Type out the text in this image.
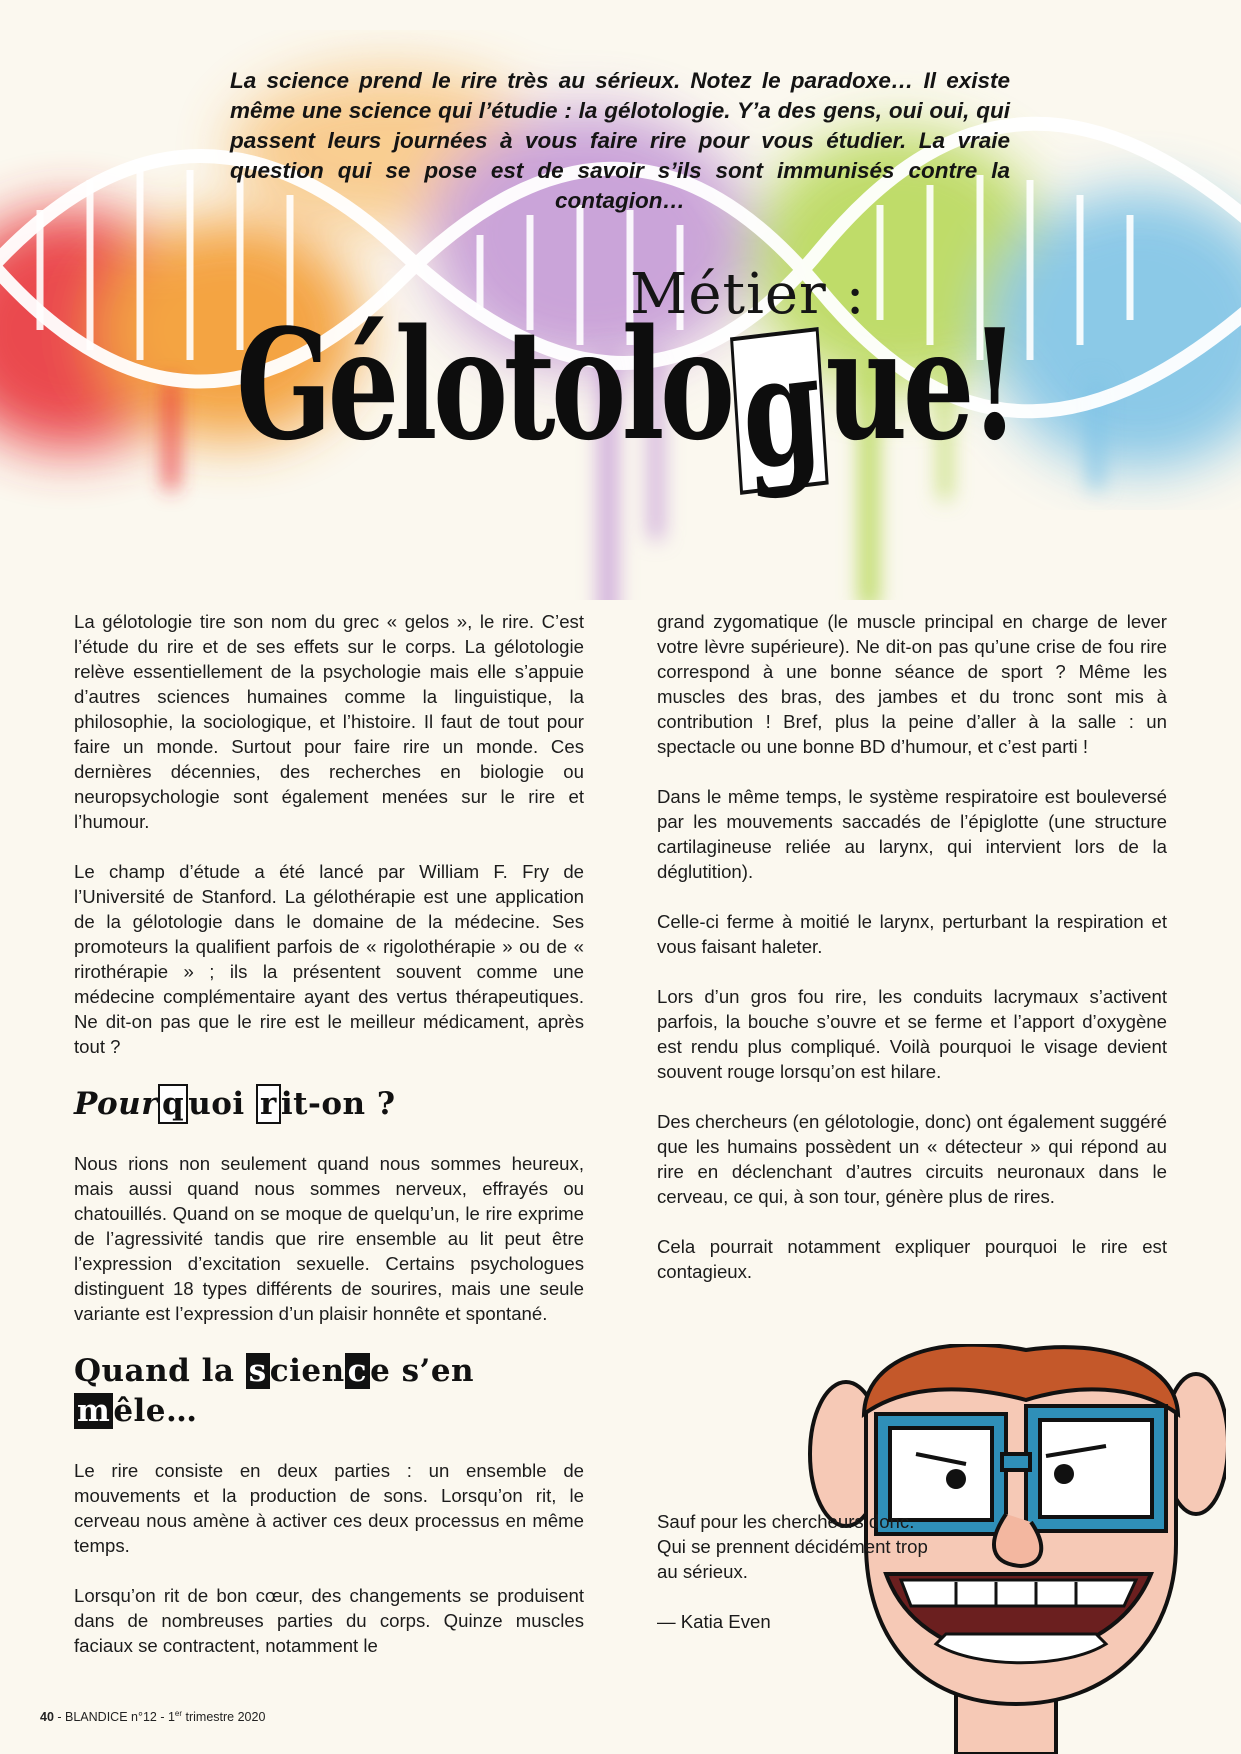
La science prend le rire très au sérieux. Notez le paradoxe… Il existe même une science qui l’étudie : la gélotologie. Y’a des gens, oui oui, qui passent leurs journées à vous faire rire pour vous étudier. La vraie question qui se pose est de savoir s’ils sont immunisés contre la contagion…

Métier :

Gélotologue!

La gélotologie tire son nom du grec « gelos », le rire. C’est l’étude du rire et de ses effets sur le corps. La gélotologie relève essentiellement de la psychologie mais elle s’appuie d’autres sciences humaines comme la linguistique, la philosophie, la sociologique, et l’histoire. Il faut de tout pour faire un monde. Surtout pour faire rire un monde. Ces dernières décennies, des recherches en biologie ou neuropsychologie sont également menées sur le rire et l’humour.

Le champ d’étude a été lancé par William F. Fry de l’Université de Stanford. La gélothérapie est une application de la gélotologie dans le domaine de la médecine. Ses promoteurs la qualifient parfois de « rigolothérapie » ou de « rirothérapie » ; ils la présentent souvent comme une médecine complémentaire ayant des vertus thérapeutiques. Ne dit-on pas que le rire est le meilleur médicament, après tout ?

Pour q uoi r it-on ?

Nous rions non seulement quand nous sommes heureux, mais aussi quand nous sommes nerveux, effrayés ou chatouillés. Quand on se moque de quelqu’un, le rire exprime de l’agressivité tandis que rire ensemble au lit peut être l’expression d’excitation sexuelle. Certains psychologues distinguent 18 types différents de sourires, mais une seule variante est l’expression d’un plaisir honnête et spontané.

Quand la science s’en mêle…

Le rire consiste en deux parties : un ensemble de mouvements et la production de sons. Lorsqu’on rit, le cerveau nous amène à activer ces deux processus en même temps.

Lorsqu’on rit de bon cœur, des changements se produisent dans de nombreuses parties du corps. Quinze muscles faciaux se contractent, notamment le

grand zygomatique (le muscle principal en charge de lever votre lèvre supérieure). Ne dit-on pas qu’une crise de fou rire correspond à une bonne séance de sport ? Même les muscles des bras, des jambes et du tronc sont mis à contribution ! Bref, plus la peine d’aller à la salle : un spectacle ou une bonne BD d’humour, et c’est parti !

Dans le même temps, le système respiratoire est bouleversé par les mouvements saccadés de l’épiglotte (une structure cartilagineuse reliée au larynx, qui intervient lors de la déglutition).

Celle-ci ferme à moitié le larynx, perturbant la respiration et vous faisant haleter.

Lors d’un gros fou rire, les conduits lacrymaux s’activent parfois, la bouche s’ouvre et se ferme et l’apport d’oxygène est rendu plus compliqué. Voilà pourquoi le visage devient souvent rouge lorsqu’on est hilare.

Des chercheurs (en gélotologie, donc) ont également suggéré que les humains possèdent un « détecteur » qui répond au rire en déclenchant d’autres circuits neuronaux dans le cerveau, ce qui, à son tour, génère plus de rires.

Cela pourrait notamment expliquer pourquoi le rire est contagieux.

Sauf pour les chercheurs donc. Qui se prennent décidément trop au sérieux.

— Katia Even

40 - BLANDICE n°12 - 1er trimestre 2020
